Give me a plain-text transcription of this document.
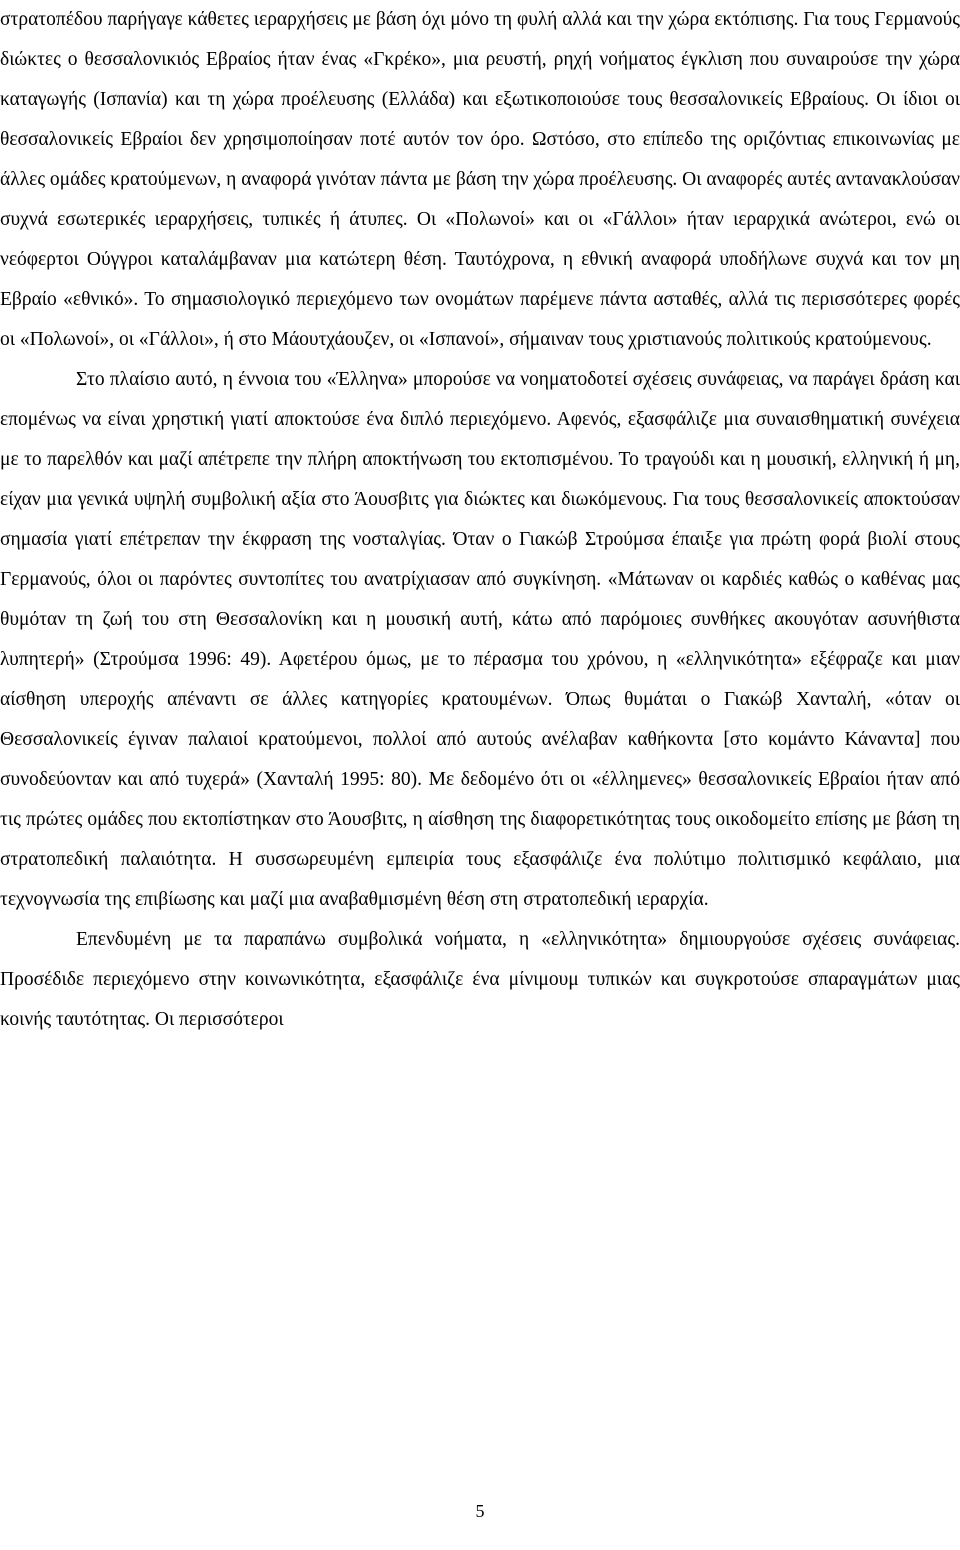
στρατοπέδου παρήγαγε κάθετες ιεραρχήσεις με βάση όχι μόνο τη φυλή αλλά και την χώρα εκτόπισης. Για τους Γερμανούς διώκτες ο θεσσαλονικιός Εβραίος ήταν ένας «Γκρέκο», μια ρευστή, ρηχή νοήματος έγκλιση που συναιρούσε την χώρα καταγωγής (Ισπανία) και τη χώρα προέλευσης (Ελλάδα) και εξωτικοποιούσε τους θεσσαλονικείς Εβραίους. Οι ίδιοι οι θεσσαλονικείς Εβραίοι δεν χρησιμοποίησαν ποτέ αυτόν τον όρο. Ωστόσο, στο επίπεδο της οριζόντιας επικοινωνίας με άλλες ομάδες κρατούμενων, η αναφορά γινόταν πάντα με βάση την χώρα προέλευσης. Οι αναφορές αυτές αντανακλούσαν συχνά εσωτερικές ιεραρχήσεις, τυπικές ή άτυπες. Οι «Πολωνοί» και οι «Γάλλοι» ήταν ιεραρχικά ανώτεροι, ενώ οι νεόφερτοι Ούγγροι καταλάμβαναν μια κατώτερη θέση. Ταυτόχρονα, η εθνική αναφορά υποδήλωνε συχνά και τον μη Εβραίο «εθνικό». Το σημασιολογικό περιεχόμενο των ονομάτων παρέμενε πάντα ασταθές, αλλά τις περισσότερες φορές οι «Πολωνοί», οι «Γάλλοι», ή στο Μάουτχάουζεν, οι «Ισπανοί», σήμαιναν τους χριστιανούς πολιτικούς κρατούμενους.

Στο πλαίσιο αυτό, η έννοια του «Έλληνα» μπορούσε να νοηματοδοτεί σχέσεις συνάφειας, να παράγει δράση και επομένως να είναι χρηστική γιατί αποκτούσε ένα διπλό περιεχόμενο. Αφενός, εξασφάλιζε μια συναισθηματική συνέχεια με το παρελθόν και μαζί απέτρεπε την πλήρη αποκτήνωση του εκτοπισμένου. Το τραγούδι και η μουσική, ελληνική ή μη, είχαν μια γενικά υψηλή συμβολική αξία στο Άουσβιτς για διώκτες και διωκόμενους. Για τους θεσσαλονικείς αποκτούσαν σημασία γιατί επέτρεπαν την έκφραση της νοσταλγίας. Όταν ο Γιακώβ Στρούμσα έπαιξε για πρώτη φορά βιολί στους Γερμανούς, όλοι οι παρόντες συντοπίτες του ανατρίχιασαν από συγκίνηση. «Μάτωναν οι καρδιές καθώς ο καθένας μας θυμόταν τη ζωή του στη Θεσσαλονίκη και η μουσική αυτή, κάτω από παρόμοιες συνθήκες ακουγόταν ασυνήθιστα λυπητερή» (Στρούμσα 1996: 49). Αφετέρου όμως, με το πέρασμα του χρόνου, η «ελληνικότητα» εξέφραζε και μιαν αίσθηση υπεροχής απέναντι σε άλλες κατηγορίες κρατουμένων. Όπως θυμάται ο Γιακώβ Χανταλή, «όταν οι Θεσσαλονικείς έγιναν παλαιοί κρατούμενοι, πολλοί από αυτούς ανέλαβαν καθήκοντα [στο κομάντο Κάναντα] που συνοδεύονταν και από τυχερά» (Χανταλή 1995: 80). Με δεδομένο ότι οι «έλλημενες» θεσσαλονικείς Εβραίοι ήταν από τις πρώτες ομάδες που εκτοπίστηκαν στο Άουσβιτς, η αίσθηση της διαφορετικότητας τους οικοδομείτο επίσης με βάση τη στρατοπεδική παλαιότητα. Η συσσωρευμένη εμπειρία τους εξασφάλιζε ένα πολύτιμο πολιτισμικό κεφάλαιο, μια τεχνογνωσία της επιβίωσης και μαζί μια αναβαθμισμένη θέση στη στρατοπεδική ιεραρχία.

Επενδυμένη με τα παραπάνω συμβολικά νοήματα, η «ελληνικότητα» δημιουργούσε σχέσεις συνάφειας. Προσέδιδε περιεχόμενο στην κοινωνικότητα, εξασφάλιζε ένα μίνιμουμ τυπικών και συγκροτούσε σπαραγμάτων μιας κοινής ταυτότητας. Οι περισσότεροι

5
